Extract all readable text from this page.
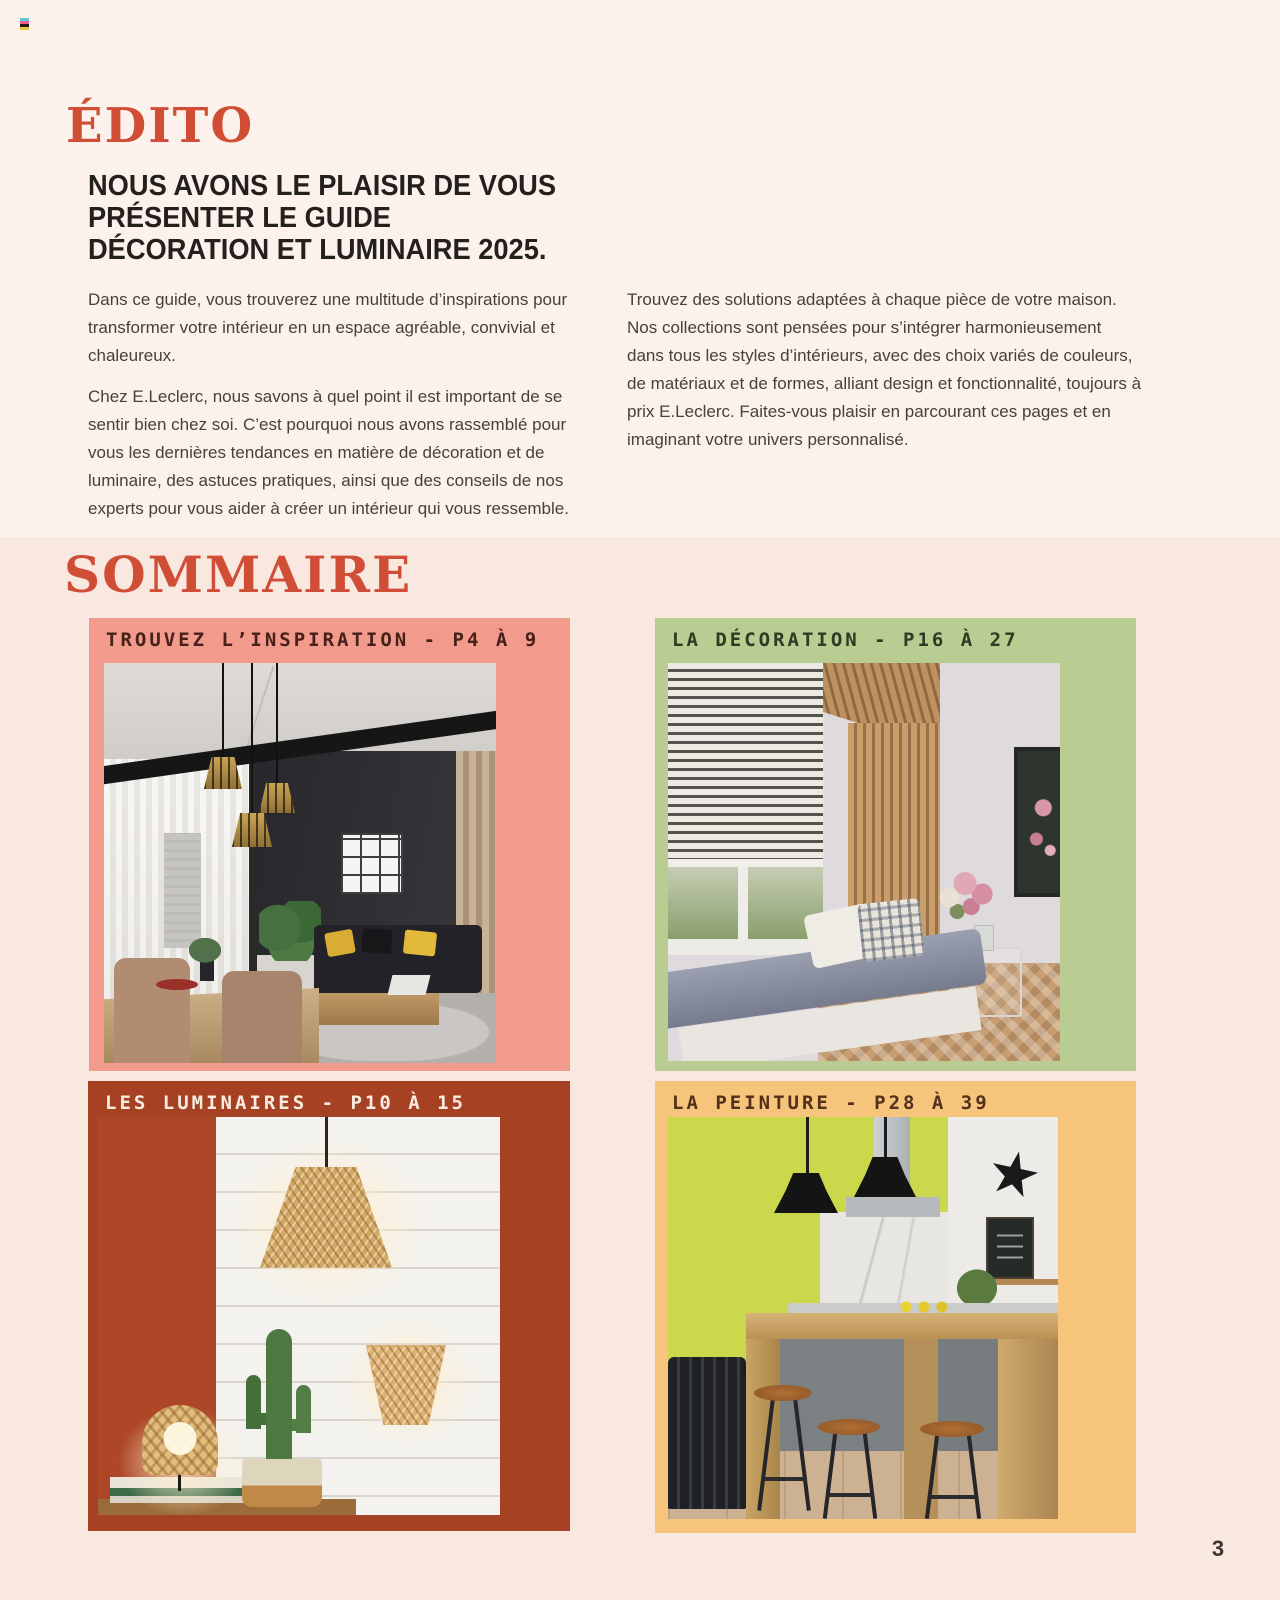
ÉDITO
NOUS AVONS LE PLAISIR DE VOUS
PRÉSENTER LE GUIDE
DÉCORATION ET LUMINAIRE 2025.

Dans ce guide, vous trouverez une multitude d’inspirations pour transformer votre intérieur en un espace agréable, convivial et chaleureux.

Chez E.Leclerc, nous savons à quel point il est important de se sentir bien chez soi. C’est pourquoi nous avons rassemblé pour vous les dernières tendances en matière de décoration et de luminaire, des astuces pratiques, ainsi que des conseils de nos experts pour vous aider à créer un intérieur qui vous ressemble.

Trouvez des solutions adaptées à chaque pièce de votre maison. Nos collections sont pensées pour s’intégrer harmonieusement dans tous les styles d’intérieurs, avec des choix variés de couleurs, de matériaux et de formes, alliant design et fonctionnalité, toujours à prix E.Leclerc. Faites-vous plaisir en parcourant ces pages et en imaginant votre univers personnalisé.

SOMMAIRE
TROUVEZ L’INSPIRATION - P4 À 9	LA DÉCORATION - P16 À 27
LES LUMINAIRES - P10 À 15	LA PEINTURE - P28 À 39
3
